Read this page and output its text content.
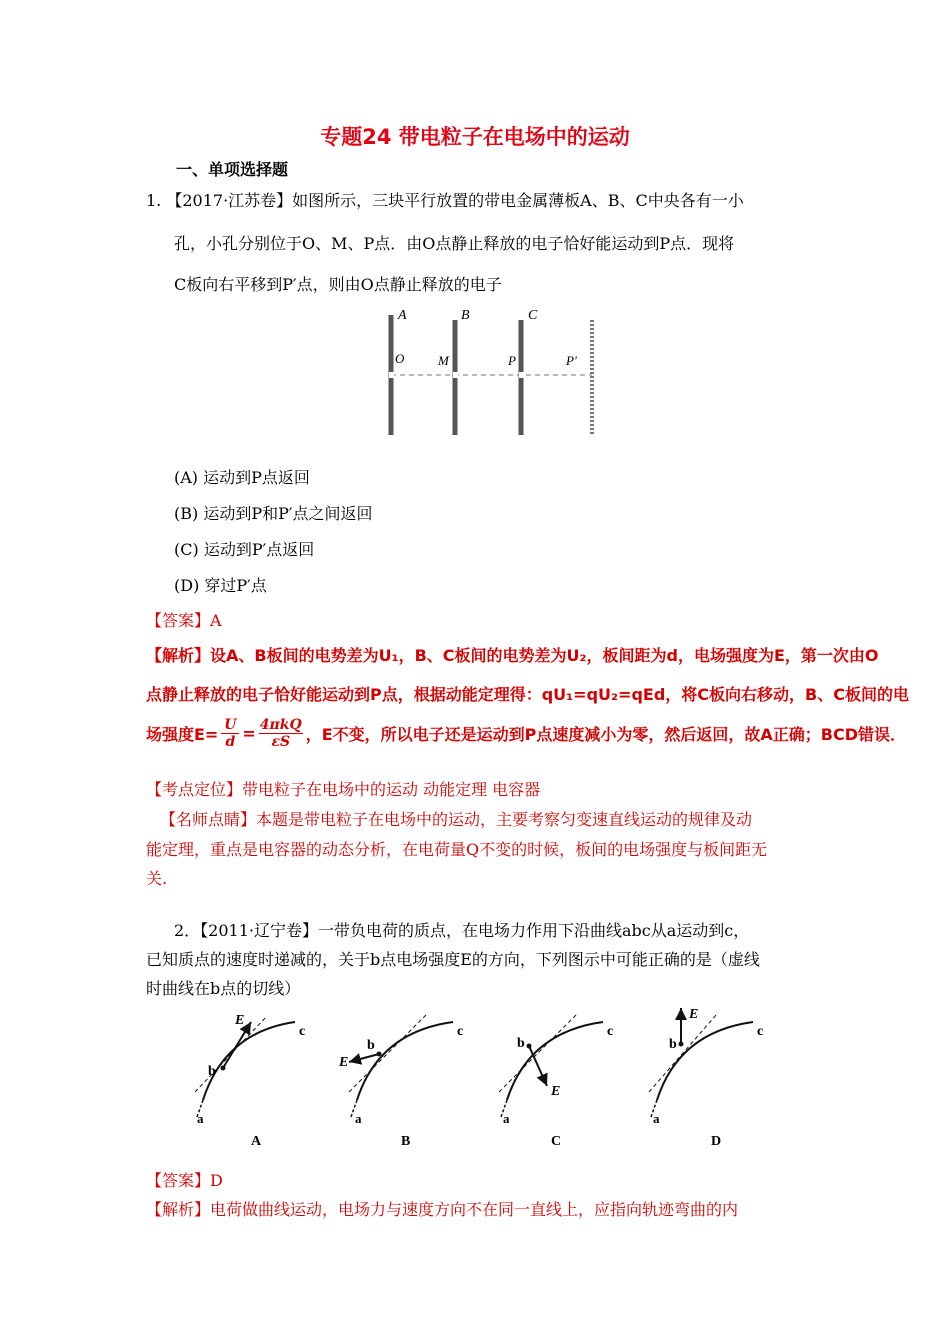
专题24 带电粒子在电场中的运动
一、单项选择题
1. 【2017·江苏卷】如图所示，三块平行放置的带电金属薄板A、B、C中央各有一小
孔，小孔分别位于O、M、P点．由O点静止释放的电子恰好能运动到P点．现将
C板向右平移到P′点，则由O点静止释放的电子
A	B	C
O	M	P	P'
(A) 运动到P点返回
(B) 运动到P和P′点之间返回
(C) 运动到P′点返回
(D) 穿过P′点
【答案】A
【解析】设A、B板间的电势差为U₁，B、C板间的电势差为U₂，板间距为d，电场强度为E，第一次由O
点静止释放的电子恰好能运动到P点，根据动能定理得：qU₁=qU₂=qEd，将C板向右移动，B、C板间的电
场强度E= U
d = 4πkQ
εS ，E不变，所以电子还是运动到P点速度减小为零，然后返回，故A正确；BCD错误．
【考点定位】带电粒子在电场中的运动 动能定理 电容器
【名师点睛】本题是带电粒子在电场中的运动，主要考察匀变速直线运动的规律及动
能定理，重点是电容器的动态分析，在电荷量Q不变的时候，板间的电场强度与板间距无
关.
2．【2011·辽宁卷】一带负电荷的质点，在电场力作用下沿曲线abc从a运动到c，
已知质点的速度时递减的，关于b点电场强度E的方向，下列图示中可能正确的是（虚线
时曲线在b点的切线）
b
E
c
a
A
b
E
c
a
B
b
E
c
a
C
b
E
c
a
D
【答案】D
【解析】电荷做曲线运动，电场力与速度方向不在同一直线上，应指向轨迹弯曲的内
